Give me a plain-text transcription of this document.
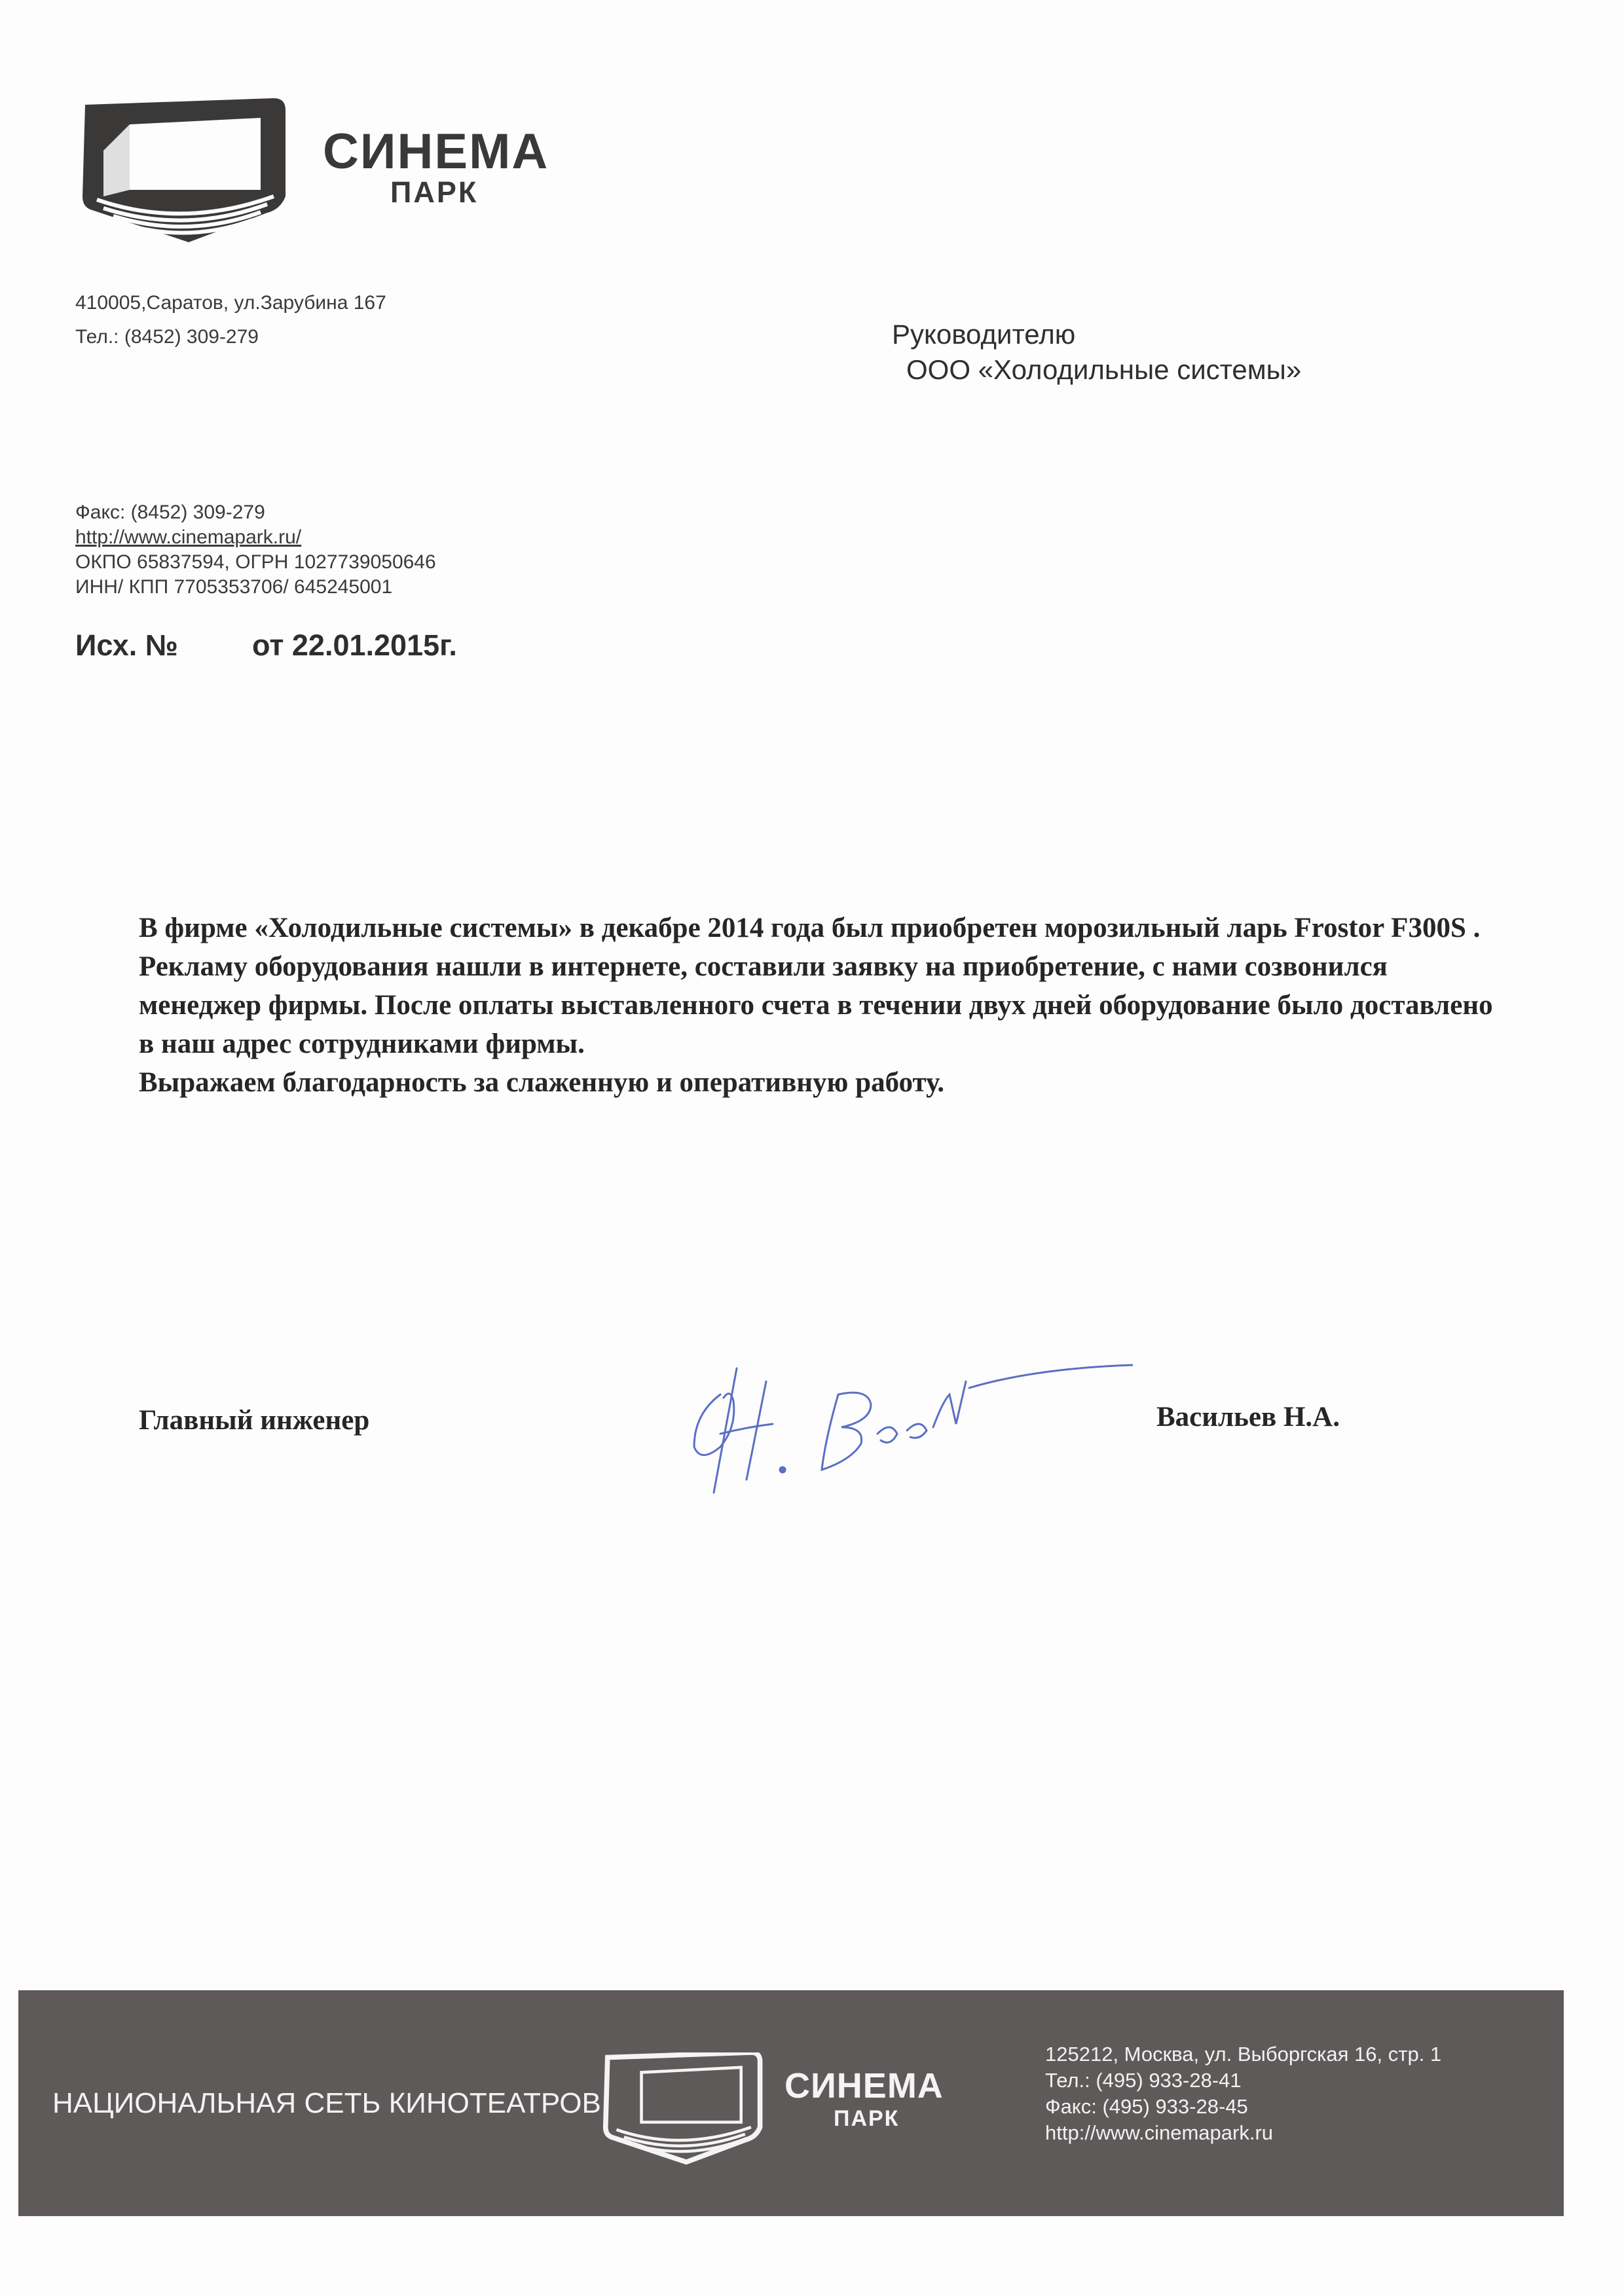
СИНЕМА
ПАРК
410005,Саратов, ул.Зарубина 167
Тел.: (8452) 309-279	Руководителю
ООО «Холодильные системы»
Факс: (8452) 309-279
http://www.cinemapark.ru/
ОКПО 65837594, ОГРН 1027739050646
ИНН/ КПП 7705353706/ 645245001
Исх. №	от 22.01.2015г.

В фирме «Холодильные системы» в декабре 2014 года был приобретен морозильный ларь Frostor F300S .

Рекламу оборудования нашли в интернете, составили заявку на приобретение, с нами созвонился менеджер фирмы. После оплаты выставленного счета в течении двух дней оборудование было доставлено в наш адрес сотрудниками фирмы.

Выражаем благодарность за слаженную и оперативную работу.

Главный инженер	Васильев Н.А.
НАЦИОНАЛЬНАЯ СЕТЬ КИНОТЕАТРОВ	СИНЕМА
ПАРК
125212, Москва, ул. Выборгская 16, стр. 1
Тел.: (495) 933-28-41
Факс: (495) 933-28-45
http://www.cinemapark.ru
